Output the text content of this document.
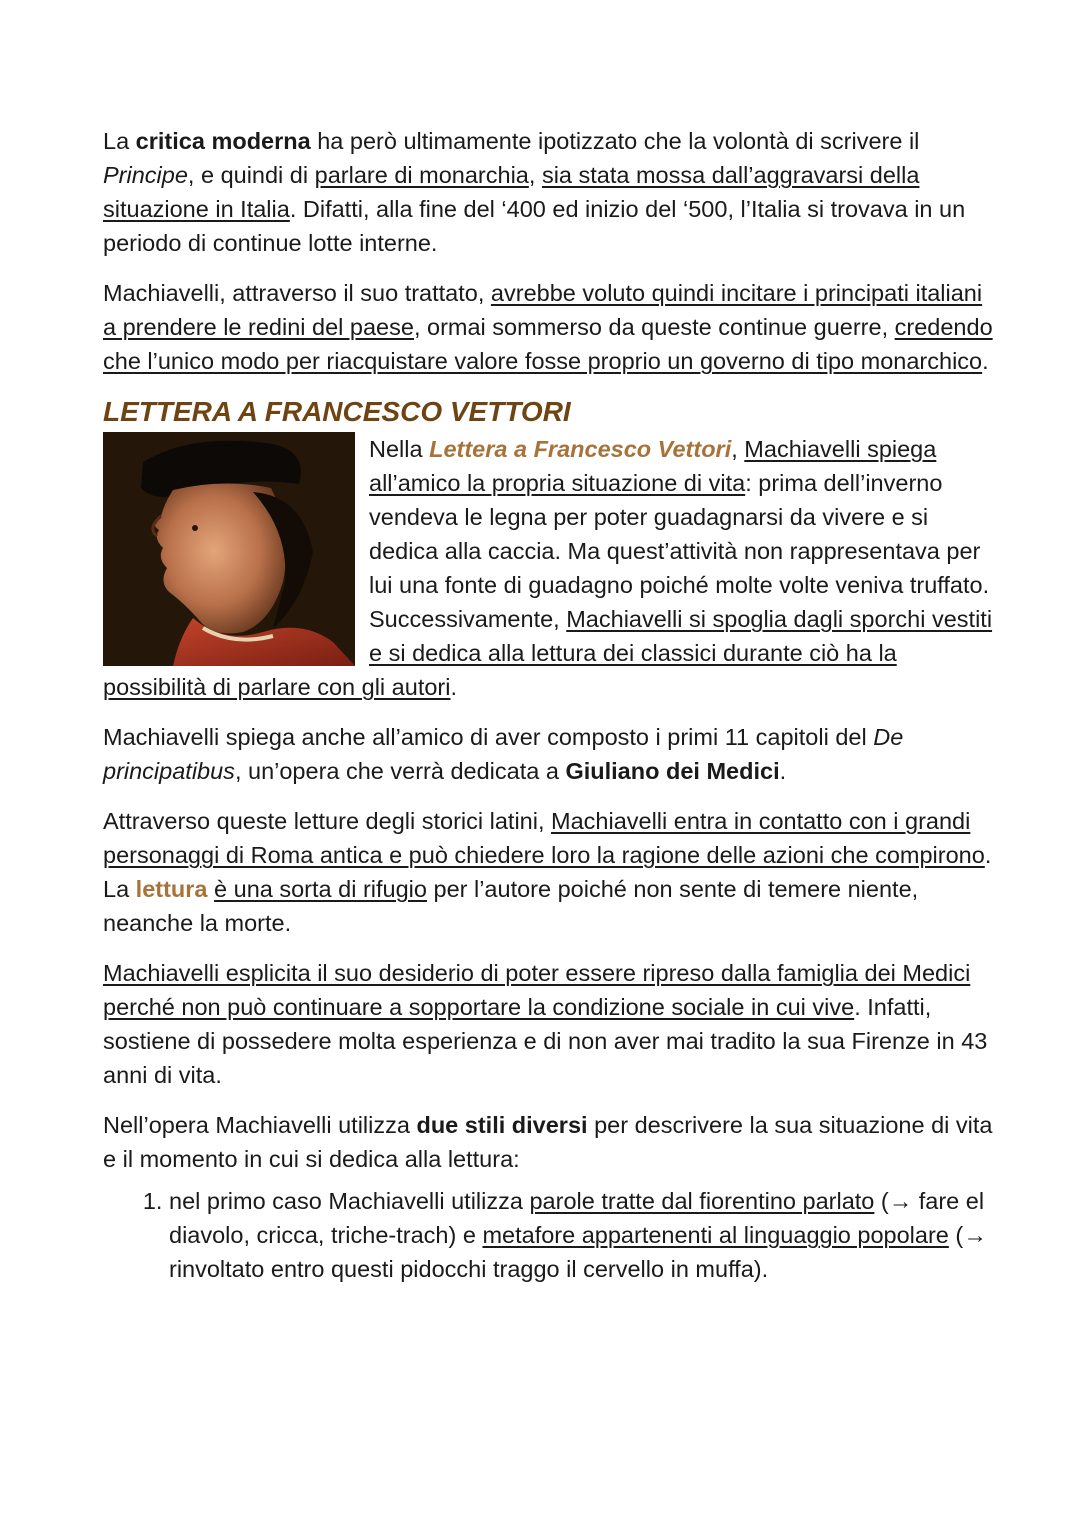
La critica moderna ha però ultimamente ipotizzato che la volontà di scrivere il Principe, e quindi di parlare di monarchia, sia stata mossa dall’aggravarsi della situazione in Italia. Difatti, alla fine del ‘400 ed inizio del ‘500, l’Italia si trovava in un periodo di continue lotte interne.

Machiavelli, attraverso il suo trattato, avrebbe voluto quindi incitare i principati italiani a prendere le redini del paese, ormai sommerso da queste continue guerre, credendo che l’unico modo per riacquistare valore fosse proprio un governo di tipo monarchico.

LETTERA A FRANCESCO VETTORI

Nella Lettera a Francesco Vettori, Machiavelli spiega all’amico la propria situazione di vita: prima dell’inverno vendeva le legna per poter guadagnarsi da vivere e si dedica alla caccia. Ma quest’attività non rappresentava per lui una fonte di guadagno poiché molte volte veniva truffato.
Successivamente, Machiavelli si spoglia dagli sporchi vestiti e si dedica alla lettura dei classici durante ciò ha la possibilità di parlare con gli autori.

Machiavelli spiega anche all’amico di aver composto i primi 11 capitoli del De principatibus, un’opera che verrà dedicata a Giuliano dei Medici.

Attraverso queste letture degli storici latini, Machiavelli entra in contatto con i grandi personaggi di Roma antica e può chiedere loro la ragione delle azioni che compirono. La lettura è una sorta di rifugio per l’autore poiché non sente di temere niente, neanche la morte.

Machiavelli esplicita il suo desiderio di poter essere ripreso dalla famiglia dei Medici perché non può continuare a sopportare la condizione sociale in cui vive. Infatti, sostiene di possedere molta esperienza e di non aver mai tradito la sua Firenze in 43 anni di vita.

Nell’opera Machiavelli utilizza due stili diversi per descrivere la sua situazione di vita e il momento in cui si dedica alla lettura:

1. nel primo caso Machiavelli utilizza parole tratte dal fiorentino parlato (→ fare el diavolo, cricca, triche-trach) e metafore appartenenti al linguaggio popolare (→ rinvoltato entro questi pidocchi traggo il cervello in muffa).
